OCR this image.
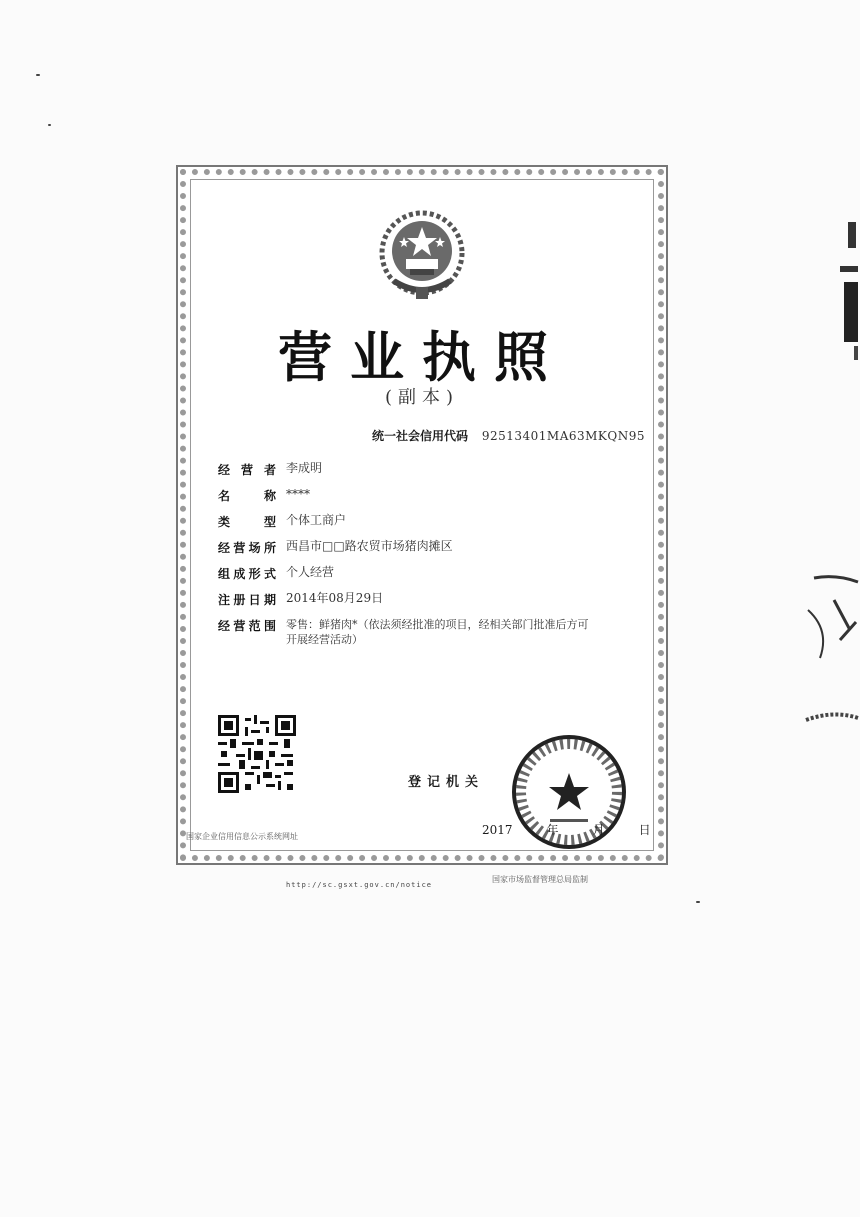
营业执照
(副本)
统一社会信用代码 92513401MA63MKQN95
经营者 李成明
名称 ****
类型 个体工商户
经营场所 西昌市□□路农贸市场猪肉摊区
组成形式 个人经营
注册日期 2014年08月29日
经营范围 零售：鲜猪肉*（依法须经批准的项目，经相关部门批准后方可开展经营活动）
登记机关
2017	年	月	日
国家企业信用信息公示系统网址
http://sc.gsxt.gov.cn/notice
国家市场监督管理总局监制
